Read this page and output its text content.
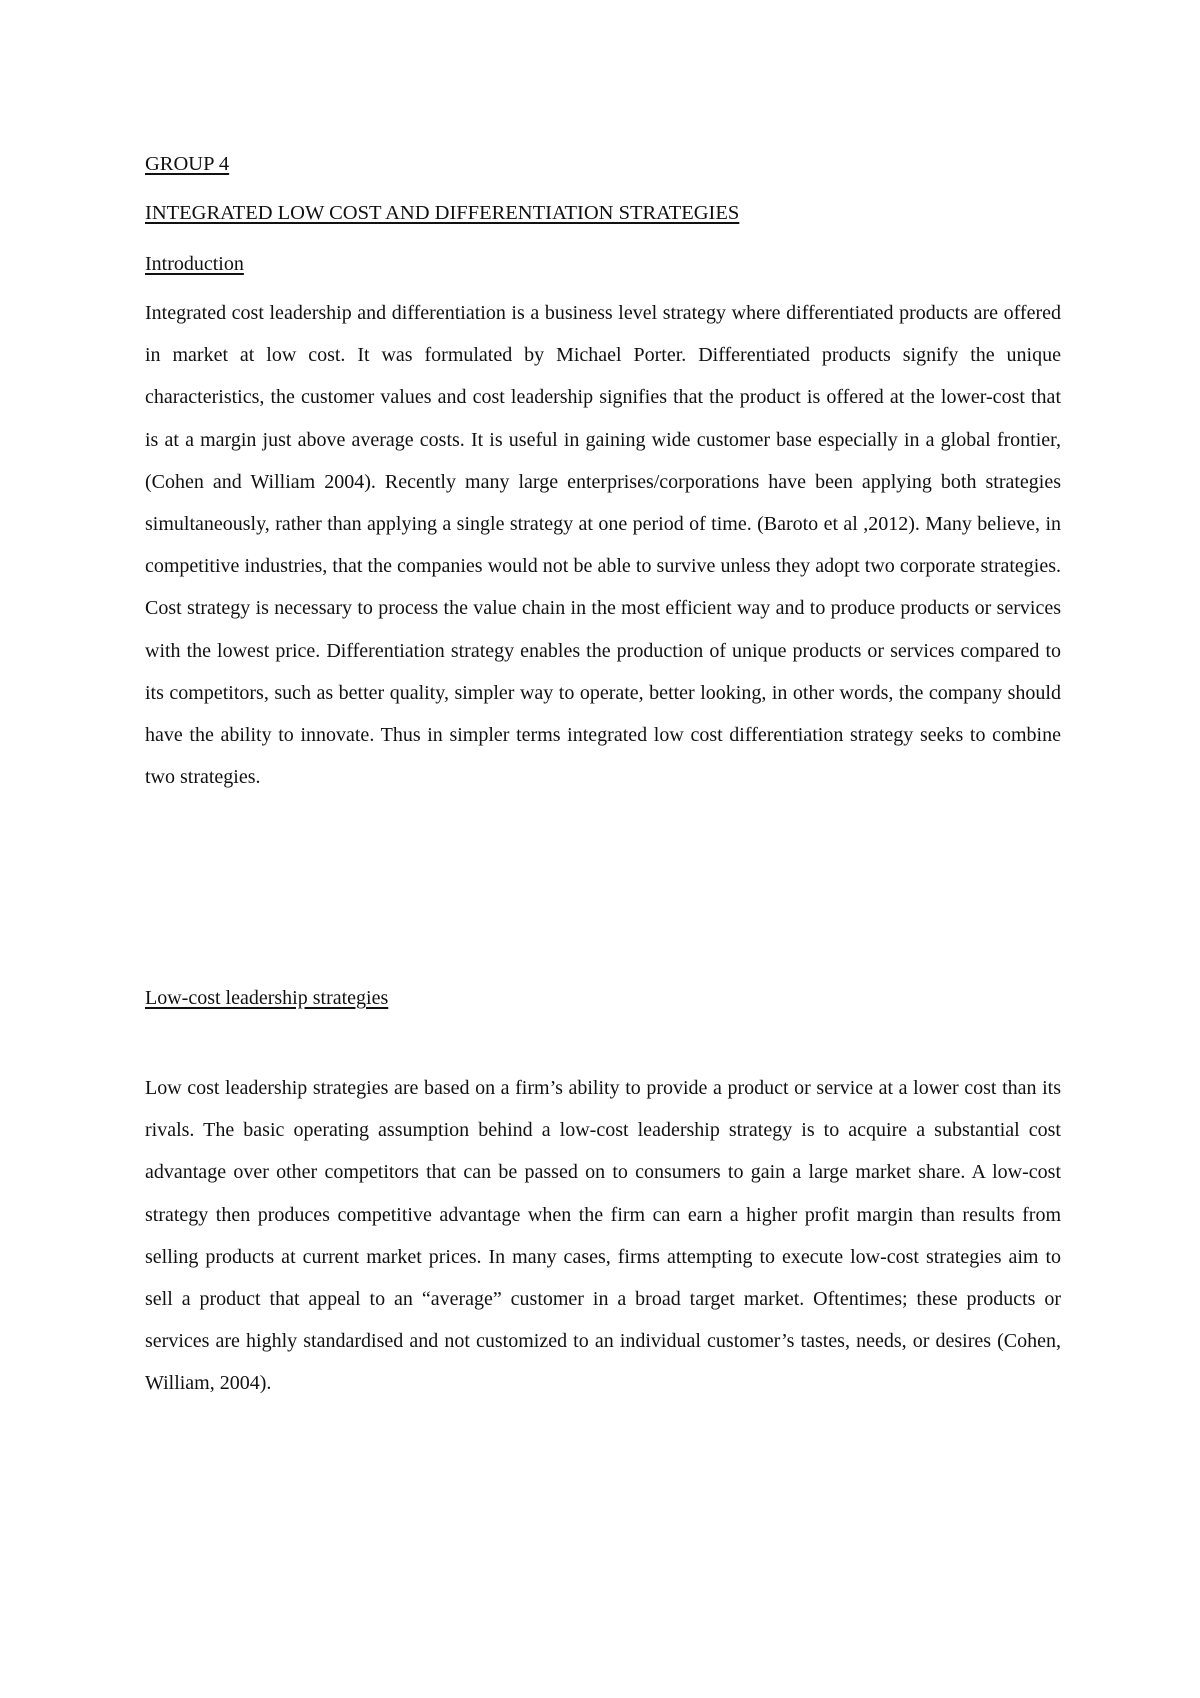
GROUP 4
INTEGRATED LOW COST AND DIFFERENTIATION STRATEGIES
Introduction

Integrated cost leadership and differentiation is a business level strategy where differentiated products are offered in market at low cost. It was formulated by Michael Porter. Differentiated products signify the unique characteristics, the customer values and cost leadership signifies that the product is offered at the lower-cost that is at a margin just above average costs. It is useful in gaining wide customer base especially in a global frontier, (Cohen and William 2004). Recently many large enterprises/corporations have been applying both strategies simultaneously, rather than applying a single strategy at one period of time. (Baroto et al ,2012). Many believe, in competitive industries, that the companies would not be able to survive unless they adopt two corporate strategies. Cost strategy is necessary to process the value chain in the most efficient way and to produce products or services with the lowest price. Differentiation strategy enables the production of unique products or services compared to its competitors, such as better quality, simpler way to operate, better looking, in other words, the company should have the ability to innovate. Thus in simpler terms integrated low cost differentiation strategy seeks to combine two strategies.

Low-cost leadership strategies

Low cost leadership strategies are based on a firm’s ability to provide a product or service at a lower cost than its rivals. The basic operating assumption behind a low-cost leadership strategy is to acquire a substantial cost advantage over other competitors that can be passed on to consumers to gain a large market share. A low-cost strategy then produces competitive advantage when the firm can earn a higher profit margin than results from selling products at current market prices. In many cases, firms attempting to execute low-cost strategies aim to sell a product that appeal to an “average” customer in a broad target market. Oftentimes; these products or services are highly standardised and not customized to an individual customer’s tastes, needs, or desires (Cohen, William, 2004).
